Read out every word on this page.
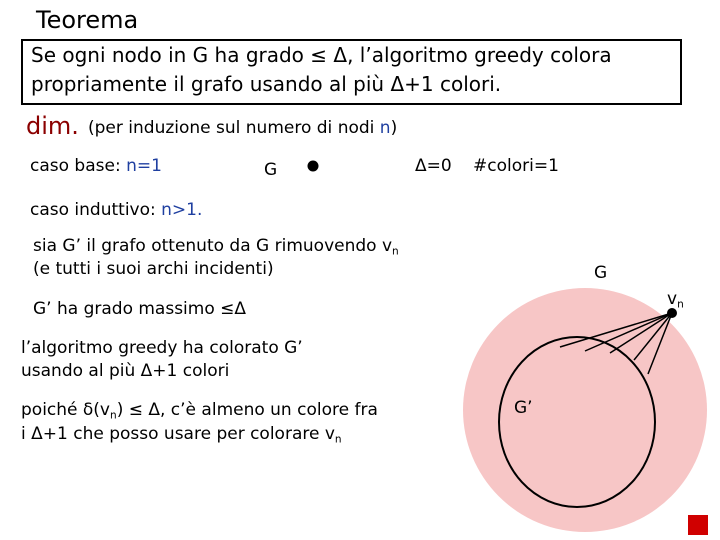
Teorema
Se ogni nodo in G ha grado ≤ Δ, l’algoritmo greedy colora
propriamente il grafo usando al più Δ+1 colori.
dim. (per induzione sul numero di nodi n)
caso base: n=1	G	Δ=0 #colori=1
caso induttivo: n>1.
sia G’ il grafo ottenuto da G rimuovendo $v_n$
(e tutti i suoi archi incidenti)
G’ ha grado massimo ≤Δ
l’algoritmo greedy ha colorato G’
usando al più Δ+1 colori
poiché $\delta(v_n) \le \Delta$, c’è almeno un colore fra
i Δ+1 che posso usare per colorare $v_n$
G
$v_n$
G’
